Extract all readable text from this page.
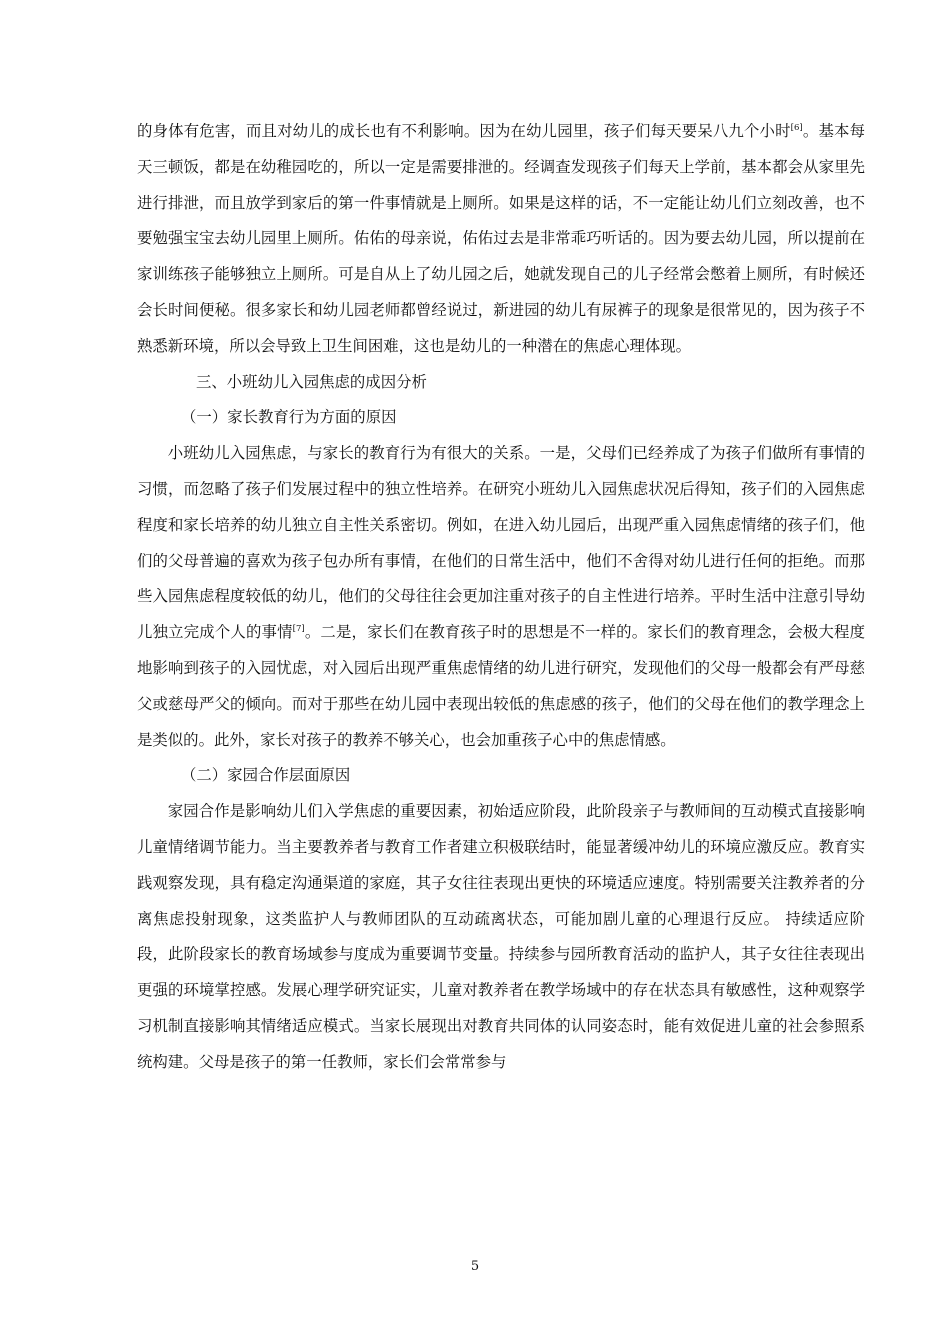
的身体有危害，而且对幼儿的成长也有不利影响。因为在幼儿园里，孩子们每天要呆八九个小时[6]。基本每天三顿饭，都是在幼稚园吃的，所以一定是需要排泄的。经调查发现孩子们每天上学前，基本都会从家里先进行排泄，而且放学到家后的第一件事情就是上厕所。如果是这样的话，不一定能让幼儿们立刻改善，也不要勉强宝宝去幼儿园里上厕所。佑佑的母亲说，佑佑过去是非常乖巧听话的。因为要去幼儿园，所以提前在家训练孩子能够独立上厕所。可是自从上了幼儿园之后，她就发现自己的儿子经常会憋着上厕所，有时候还会长时间便秘。很多家长和幼儿园老师都曾经说过，新进园的幼儿有尿裤子的现象是很常见的，因为孩子不熟悉新环境，所以会导致上卫生间困难，这也是幼儿的一种潜在的焦虑心理体现。

三、小班幼儿入园焦虑的成因分析

（一）家长教育行为方面的原因

小班幼儿入园焦虑，与家长的教育行为有很大的关系。一是，父母们已经养成了为孩子们做所有事情的习惯，而忽略了孩子们发展过程中的独立性培养。在研究小班幼儿入园焦虑状况后得知，孩子们的入园焦虑程度和家长培养的幼儿独立自主性关系密切。例如，在进入幼儿园后，出现严重入园焦虑情绪的孩子们，他们的父母普遍的喜欢为孩子包办所有事情，在他们的日常生活中，他们不舍得对幼儿进行任何的拒绝。而那些入园焦虑程度较低的幼儿，他们的父母往往会更加注重对孩子的自主性进行培养。平时生活中注意引导幼儿独立完成个人的事情[7]。二是，家长们在教育孩子时的思想是不一样的。家长们的教育理念，会极大程度地影响到孩子的入园忧虑，对入园后出现严重焦虑情绪的幼儿进行研究，发现他们的父母一般都会有严母慈父或慈母严父的倾向。而对于那些在幼儿园中表现出较低的焦虑感的孩子，他们的父母在他们的教学理念上是类似的。此外，家长对孩子的教养不够关心，也会加重孩子心中的焦虑情感。

（二）家园合作层面原因

家园合作是影响幼儿们入学焦虑的重要因素，初始适应阶段，此阶段亲子与教师间的互动模式直接影响儿童情绪调节能力。当主要教养者与教育工作者建立积极联结时，能显著缓冲幼儿的环境应激反应。教育实践观察发现，具有稳定沟通渠道的家庭，其子女往往表现出更快的环境适应速度。特别需要关注教养者的分离焦虑投射现象，这类监护人与教师团队的互动疏离状态，可能加剧儿童的心理退行反应。 持续适应阶段，此阶段家长的教育场域参与度成为重要调节变量。持续参与园所教育活动的监护人，其子女往往表现出更强的环境掌控感。发展心理学研究证实，儿童对教养者在教学场域中的存在状态具有敏感性，这种观察学习机制直接影响其情绪适应模式。当家长展现出对教育共同体的认同姿态时，能有效促进儿童的社会参照系统构建。父母是孩子的第一任教师，家长们会常常参与

5
